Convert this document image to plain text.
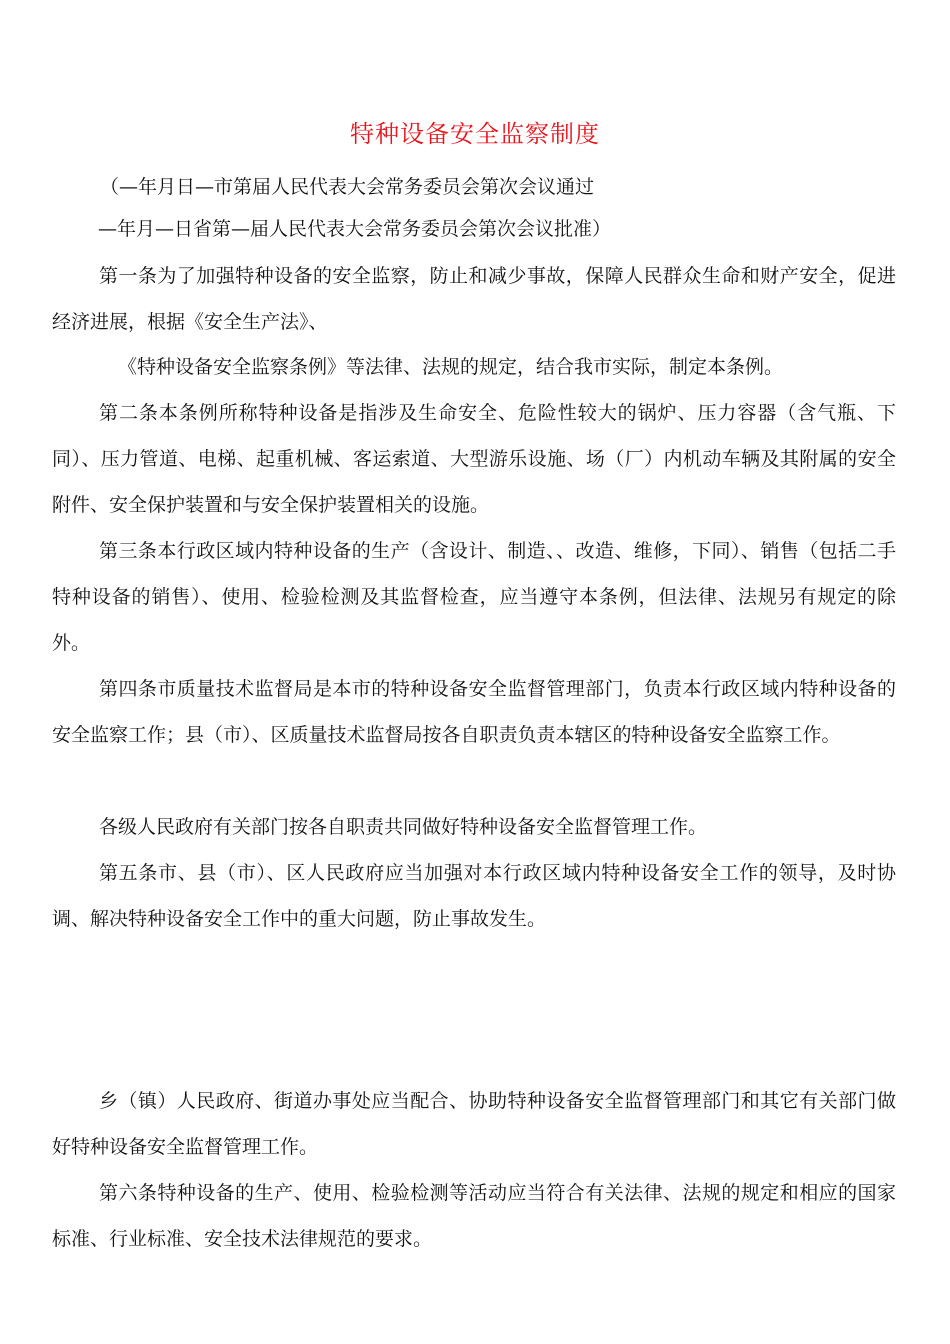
特种设备安全监察制度

（—年月日—市第届人民代表大会常务委员会第次会议通过

—年月—日省第—届人民代表大会常务委员会第次会议批准）

第一条为了加强特种设备的安全监察，防止和减少事故，保障人民群众生命和财产安全，促进经济进展，根据《安全生产法》、

《特种设备安全监察条例》等法律、法规的规定，结合我市实际，制定本条例。

第二条本条例所称特种设备是指涉及生命安全、危险性较大的锅炉、压力容器（含气瓶、下同）、压力管道、电梯、起重机械、客运索道、大型游乐设施、场（厂）内机动车辆及其附属的安全附件、安全保护装置和与安全保护装置相关的设施。

第三条本行政区域内特种设备的生产（含设计、制造、、改造、维修，下同）、销售（包括二手特种设备的销售）、使用、检验检测及其监督检查，应当遵守本条例，但法律、法规另有规定的除外。

第四条市质量技术监督局是本市的特种设备安全监督管理部门，负责本行政区域内特种设备的安全监察工作；县（市）、区质量技术监督局按各自职责负责本辖区的特种设备安全监察工作。

各级人民政府有关部门按各自职责共同做好特种设备安全监督管理工作。

第五条市、县（市）、区人民政府应当加强对本行政区域内特种设备安全工作的领导，及时协调、解决特种设备安全工作中的重大问题，防止事故发生。

乡（镇）人民政府、街道办事处应当配合、协助特种设备安全监督管理部门和其它有关部门做好特种设备安全监督管理工作。

第六条特种设备的生产、使用、检验检测等活动应当符合有关法律、法规的规定和相应的国家标准、行业标准、安全技术法律规范的要求。
